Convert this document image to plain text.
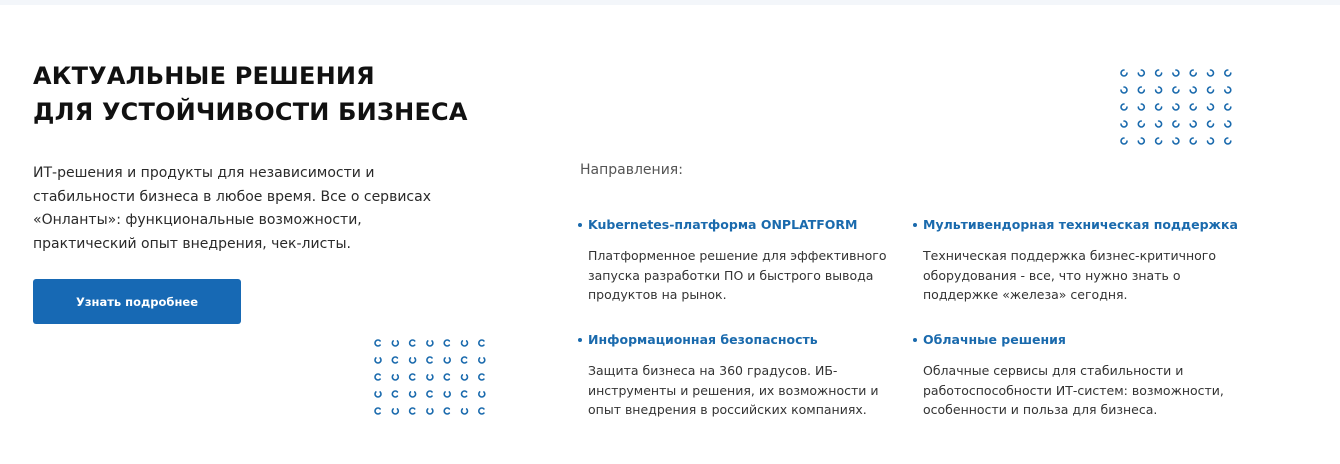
АКТУАЛЬНЫЕ РЕШЕНИЯ
ДЛЯ УСТОЙЧИВОСТИ БИЗНЕСА

ИТ-решения и продукты для независимости и стабильности бизнеса в любое время. Все о сервисах «Онланты»: функциональные возможности, практический опыт внедрения, чек-листы.

Узнать подробнее

Направления:

Kubernetes-платформа ONPLATFORM

Платформенное решение для эффективного запуска разработки ПО и быстрого вывода продуктов на рынок.

Мультивендорная техническая поддержка

Техническая поддержка бизнес-критичного оборудования - все, что нужно знать о поддержке «железа» сегодня.

Информационная безопасность

Защита бизнеса на 360 градусов. ИБ-инструменты и решения, их возможности и опыт внедрения в российских компаниях.

Облачные решения

Облачные сервисы для стабильности и работоспособности ИТ-систем: возможности, особенности и польза для бизнеса.
